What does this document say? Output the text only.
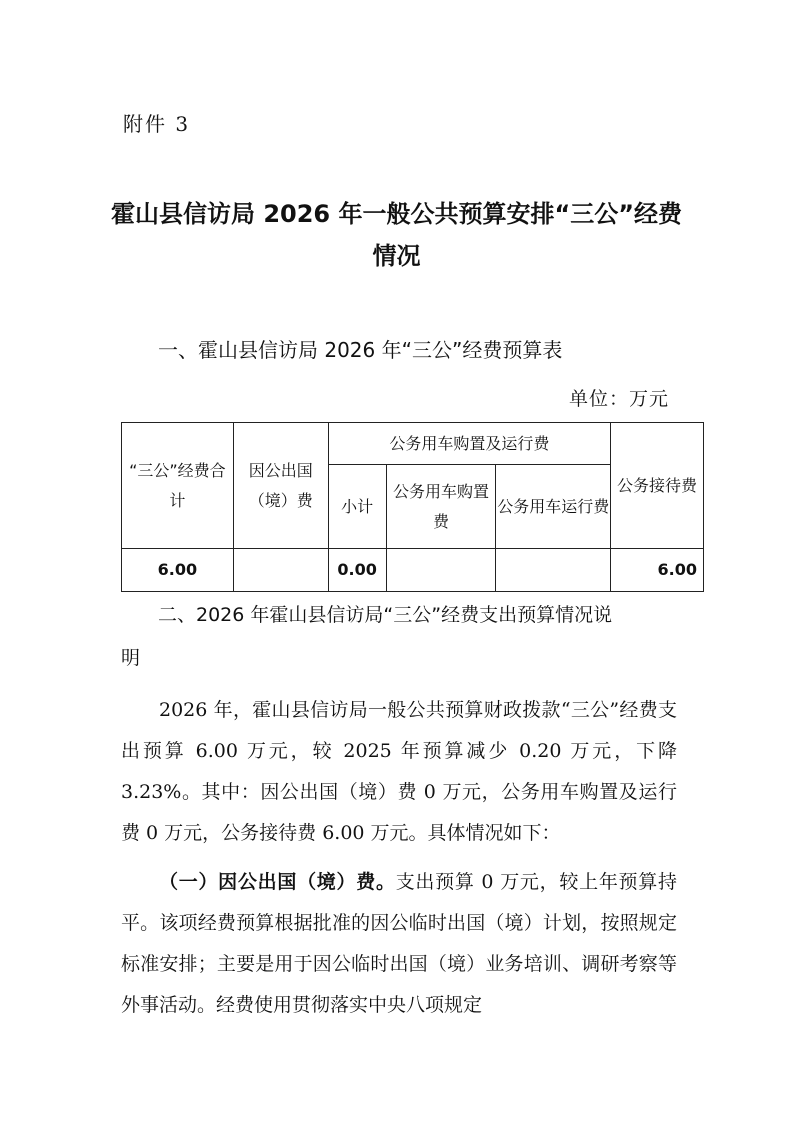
附件 3
霍山县信访局 2026 年一般公共预算安排“三公”经费
情况
一、霍山县信访局 2026 年“三公”经费预算表
单位：万元
“三公”经费合计	因公出国（境）费	公务用车购置及运行费			公务接待费
		小计	公务用车购置费	公务用车运行费	
6.00		0.00			6.00
二、2026 年霍山县信访局“三公”经费支出预算情况说
明
2026 年，霍山县信访局一般公共预算财政拨款“三公”经费支出预算 6.00 万元，较 2025 年预算减少 0.20 万元，下降 3.23%。其中：因公出国（境）费 0 万元，公务用车购置及运行费 0 万元，公务接待费 6.00 万元。具体情况如下：
（一）因公出国（境）费。支出预算 0 万元，较上年预算持平。该项经费预算根据批准的因公临时出国（境）计划，按照规定标准安排；主要是用于因公临时出国（境）业务培训、调研考察等外事活动。经费使用贯彻落实中央八项规定
